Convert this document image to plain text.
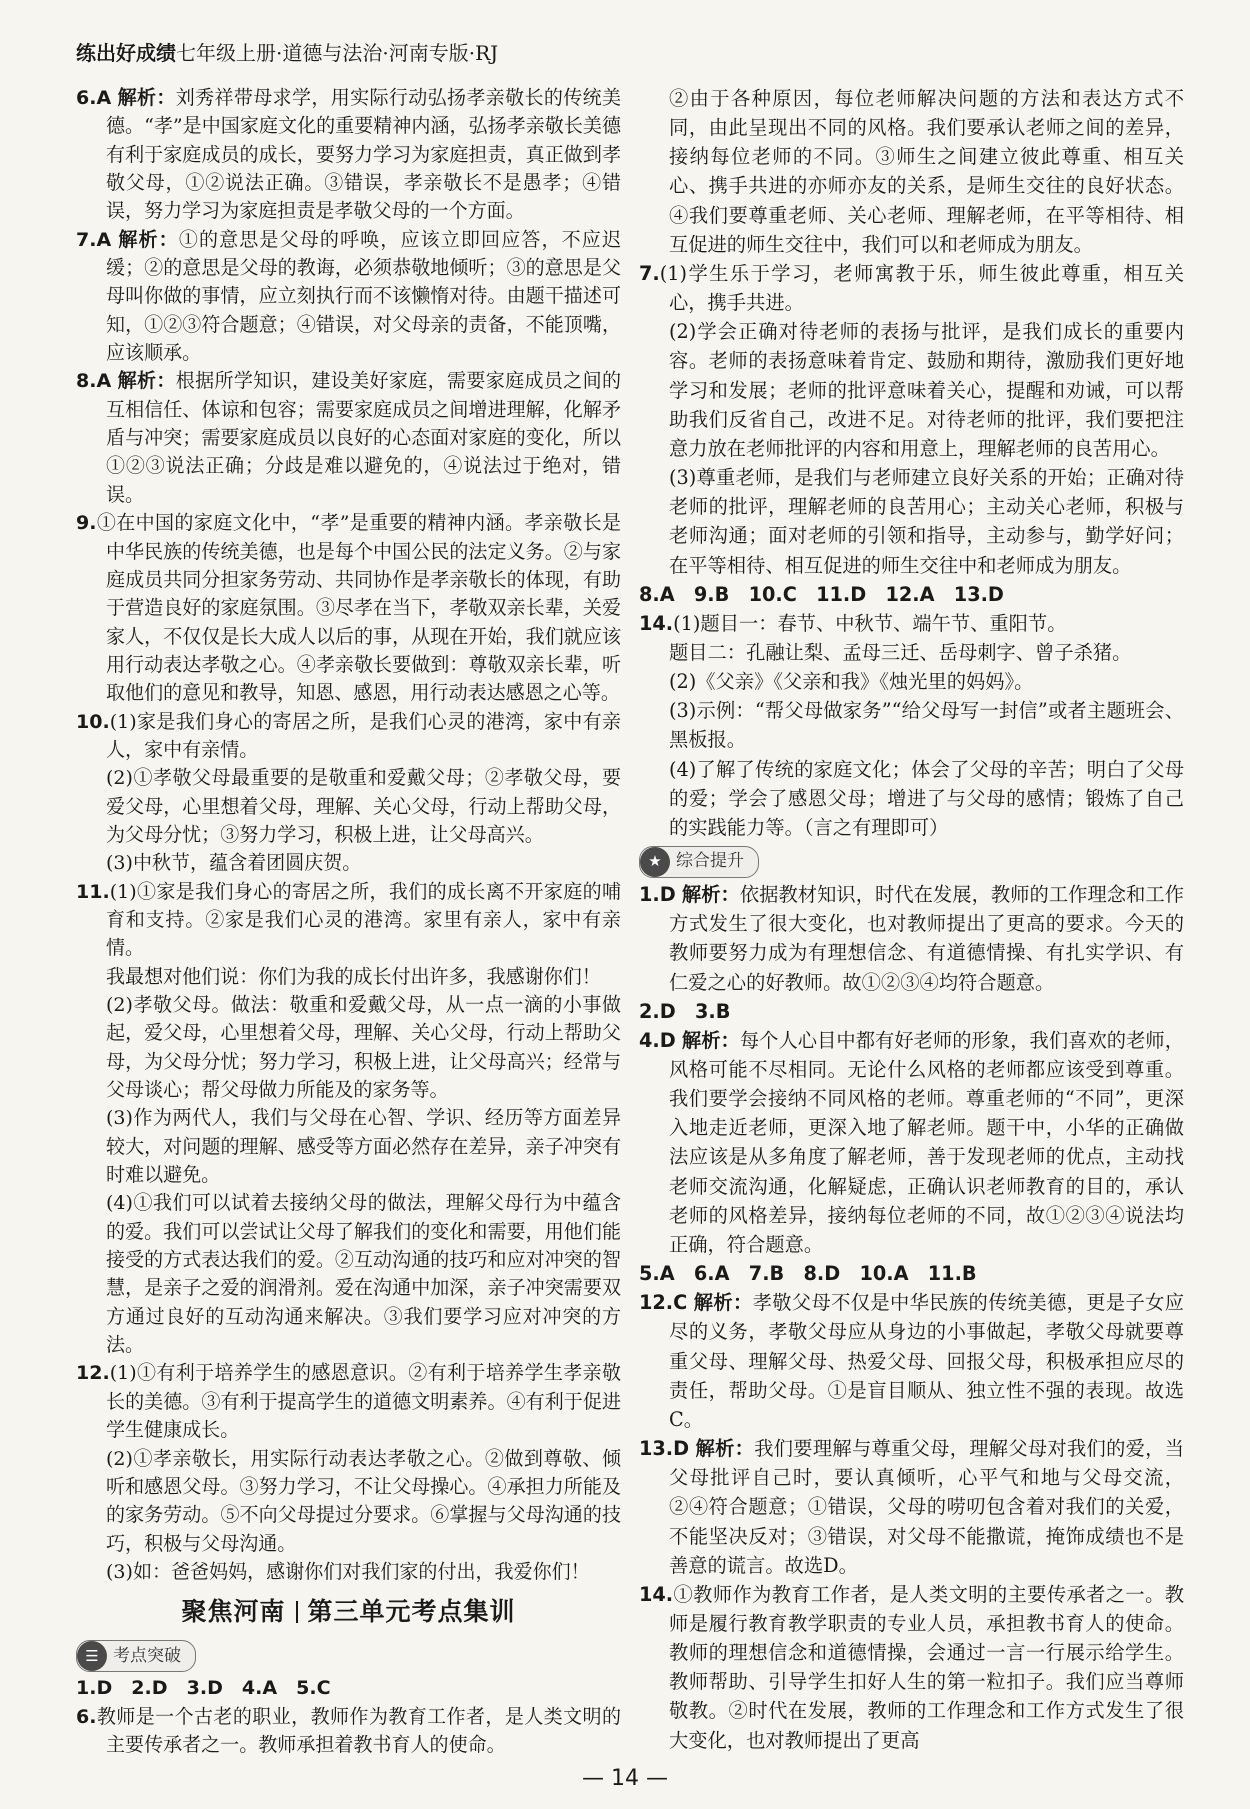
练出好成绩七年级上册·道德与法治·河南专版·RJ

6.A 解析：刘秀祥带母求学，用实际行动弘扬孝亲敬长的传统美德。“孝”是中国家庭文化的重要精神内涵，弘扬孝亲敬长美德有利于家庭成员的成长，要努力学习为家庭担责，真正做到孝敬父母，①②说法正确。③错误，孝亲敬长不是愚孝；④错误，努力学习为家庭担责是孝敬父母的一个方面。

7.A 解析：①的意思是父母的呼唤，应该立即回应答，不应迟缓；②的意思是父母的教诲，必须恭敬地倾听；③的意思是父母叫你做的事情，应立刻执行而不该懒惰对待。由题干描述可知，①②③符合题意；④错误，对父母亲的责备，不能顶嘴，应该顺承。

8.A 解析：根据所学知识，建设美好家庭，需要家庭成员之间的互相信任、体谅和包容；需要家庭成员之间增进理解，化解矛盾与冲突；需要家庭成员以良好的心态面对家庭的变化，所以①②③说法正确；分歧是难以避免的，④说法过于绝对，错误。

9.①在中国的家庭文化中，“孝”是重要的精神内涵。孝亲敬长是中华民族的传统美德，也是每个中国公民的法定义务。②与家庭成员共同分担家务劳动、共同协作是孝亲敬长的体现，有助于营造良好的家庭氛围。③尽孝在当下，孝敬双亲长辈，关爱家人，不仅仅是长大成人以后的事，从现在开始，我们就应该用行动表达孝敬之心。④孝亲敬长要做到：尊敬双亲长辈，听取他们的意见和教导，知恩、感恩，用行动表达感恩之心等。

10.(1)家是我们身心的寄居之所，是我们心灵的港湾，家中有亲人，家中有亲情。

(2)①孝敬父母最重要的是敬重和爱戴父母；②孝敬父母，要爱父母，心里想着父母，理解、关心父母，行动上帮助父母，为父母分忧；③努力学习，积极上进，让父母高兴。

(3)中秋节，蕴含着团圆庆贺。

11.(1)①家是我们身心的寄居之所，我们的成长离不开家庭的哺育和支持。②家是我们心灵的港湾。家里有亲人，家中有亲情。

我最想对他们说：你们为我的成长付出许多，我感谢你们！

(2)孝敬父母。做法：敬重和爱戴父母，从一点一滴的小事做起，爱父母，心里想着父母，理解、关心父母，行动上帮助父母，为父母分忧；努力学习，积极上进，让父母高兴；经常与父母谈心；帮父母做力所能及的家务等。

(3)作为两代人，我们与父母在心智、学识、经历等方面差异较大，对问题的理解、感受等方面必然存在差异，亲子冲突有时难以避免。

(4)①我们可以试着去接纳父母的做法，理解父母行为中蕴含的爱。我们可以尝试让父母了解我们的变化和需要，用他们能接受的方式表达我们的爱。②互动沟通的技巧和应对冲突的智慧，是亲子之爱的润滑剂。爱在沟通中加深，亲子冲突需要双方通过良好的互动沟通来解决。③我们要学习应对冲突的方法。

12.(1)①有利于培养学生的感恩意识。②有利于培养学生孝亲敬长的美德。③有利于提高学生的道德文明素养。④有利于促进学生健康成长。

(2)①孝亲敬长，用实际行动表达孝敬之心。②做到尊敬、倾听和感恩父母。③努力学习，不让父母操心。④承担力所能及的家务劳动。⑤不向父母提过分要求。⑥掌握与父母沟通的技巧，积极与父母沟通。

(3)如：爸爸妈妈，感谢你们对我们家的付出，我爱你们！

聚焦河南 第三单元考点集训
☰ 考点突破

1.D　2.D　3.D　4.A　5.C

6.教师是一个古老的职业，教师作为教育工作者，是人类文明的主要传承者之一。教师承担着教书育人的使命。

②由于各种原因，每位老师解决问题的方法和表达方式不同，由此呈现出不同的风格。我们要承认老师之间的差异，接纳每位老师的不同。③师生之间建立彼此尊重、相互关心、携手共进的亦师亦友的关系，是师生交往的良好状态。④我们要尊重老师、关心老师、理解老师，在平等相待、相互促进的师生交往中，我们可以和老师成为朋友。

7.(1)学生乐于学习，老师寓教于乐，师生彼此尊重，相互关心，携手共进。

(2)学会正确对待老师的表扬与批评，是我们成长的重要内容。老师的表扬意味着肯定、鼓励和期待，激励我们更好地学习和发展；老师的批评意味着关心，提醒和劝诫，可以帮助我们反省自己，改进不足。对待老师的批评，我们要把注意力放在老师批评的内容和用意上，理解老师的良苦用心。

(3)尊重老师，是我们与老师建立良好关系的开始；正确对待老师的批评，理解老师的良苦用心；主动关心老师，积极与老师沟通；面对老师的引领和指导，主动参与，勤学好问；在平等相待、相互促进的师生交往中和老师成为朋友。

8.A　9.B　10.C　11.D　12.A　13.D

14.(1)题目一：春节、中秋节、端午节、重阳节。

题目二：孔融让梨、孟母三迁、岳母刺字、曾子杀猪。

(2)《父亲》《父亲和我》《烛光里的妈妈》。

(3)示例：“帮父母做家务”“给父母写一封信”或者主题班会、黑板报。

(4)了解了传统的家庭文化；体会了父母的辛苦；明白了父母的爱；学会了感恩父母；增进了与父母的感情；锻炼了自己的实践能力等。（言之有理即可）

★ 综合提升

1.D 解析：依据教材知识，时代在发展，教师的工作理念和工作方式发生了很大变化，也对教师提出了更高的要求。今天的教师要努力成为有理想信念、有道德情操、有扎实学识、有仁爱之心的好教师。故①②③④均符合题意。

2.D　3.B

4.D 解析：每个人心目中都有好老师的形象，我们喜欢的老师，风格可能不尽相同。无论什么风格的老师都应该受到尊重。我们要学会接纳不同风格的老师。尊重老师的“不同”，更深入地走近老师，更深入地了解老师。题干中，小华的正确做法应该是从多角度了解老师，善于发现老师的优点，主动找老师交流沟通，化解疑虑，正确认识老师教育的目的，承认老师的风格差异，接纳每位老师的不同，故①②③④说法均正确，符合题意。

5.A　6.A　7.B　8.D　10.A　11.B

12.C 解析：孝敬父母不仅是中华民族的传统美德，更是子女应尽的义务，孝敬父母应从身边的小事做起，孝敬父母就要尊重父母、理解父母、热爱父母、回报父母，积极承担应尽的责任，帮助父母。①是盲目顺从、独立性不强的表现。故选C。

13.D 解析：我们要理解与尊重父母，理解父母对我们的爱，当父母批评自己时，要认真倾听，心平气和地与父母交流，②④符合题意；①错误，父母的唠叨包含着对我们的关爱，不能坚决反对；③错误，对父母不能撒谎，掩饰成绩也不是善意的谎言。故选D。

14.①教师作为教育工作者，是人类文明的主要传承者之一。教师是履行教育教学职责的专业人员，承担教书育人的使命。教师的理想信念和道德情操，会通过一言一行展示给学生。教师帮助、引导学生扣好人生的第一粒扣子。我们应当尊师敬教。②时代在发展，教师的工作理念和工作方式发生了很大变化，也对教师提出了更高

— 14 —
